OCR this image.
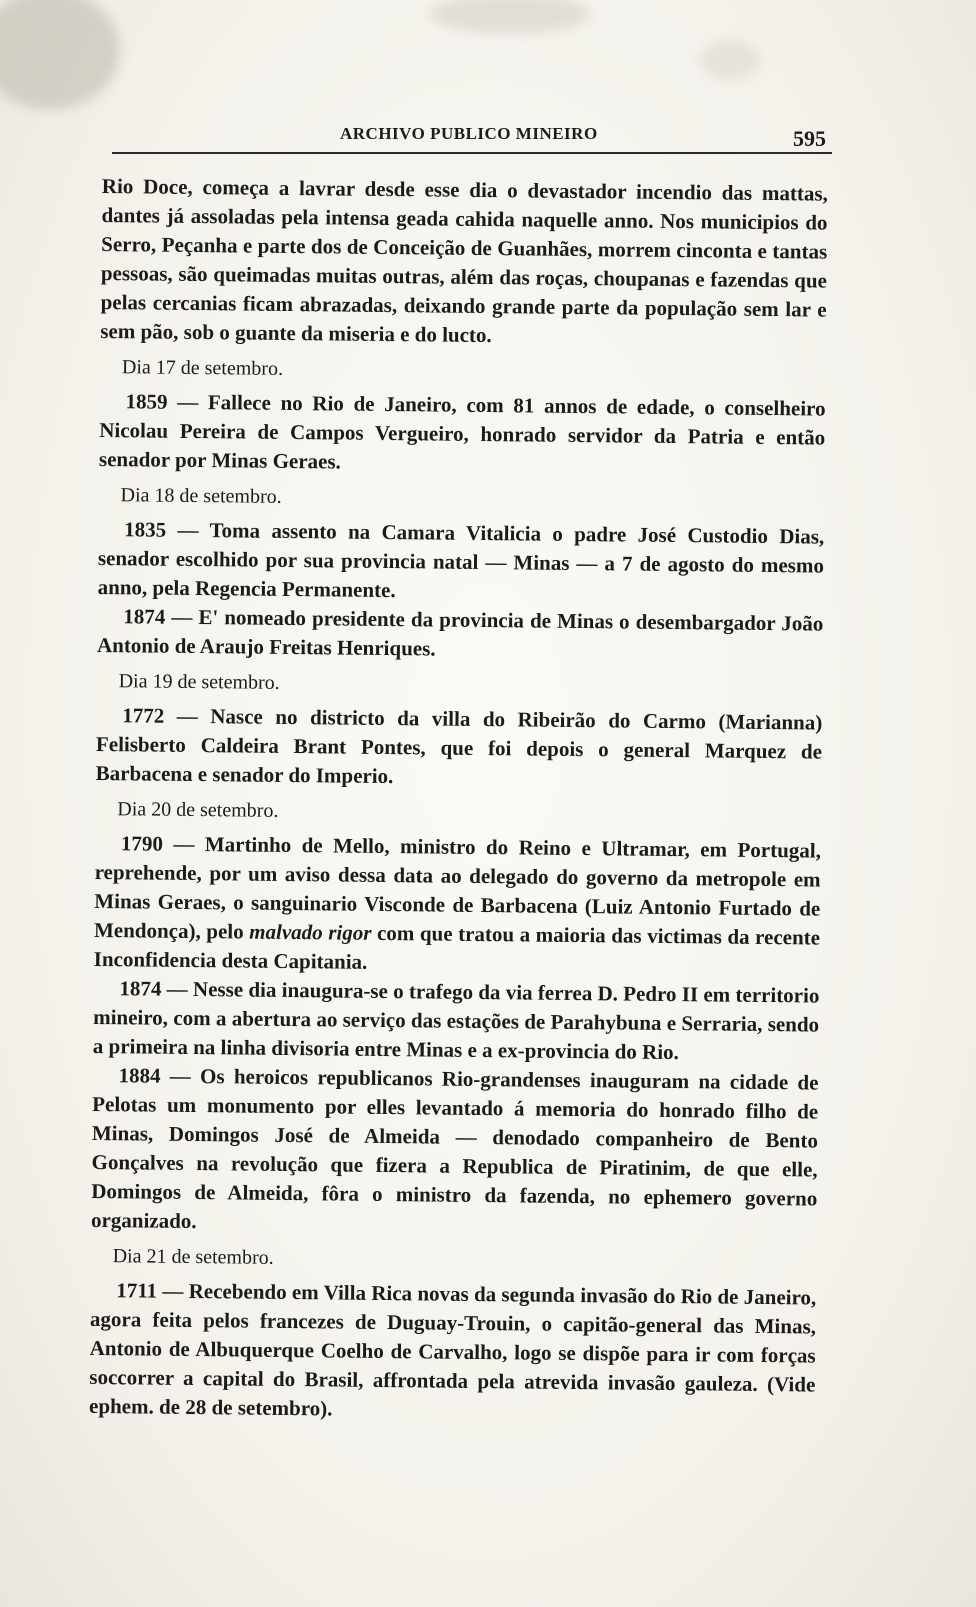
ARCHIVO PUBLICO MINEIRO	595

Rio Doce, começa a lavrar desde esse dia o devastador incendio das mattas, dantes já assoladas pela intensa geada cahida naquelle anno. Nos municipios do Serro, Peçanha e parte dos de Conceição de Guanhães, morrem cinconta e tantas pessoas, são queimadas muitas outras, além das roças, choupanas e fazendas que pelas cercanias ficam abrazadas, deixando grande parte da população sem lar e sem pão, sob o guante da miseria e do lucto.

Dia 17 de setembro.

1859 — Fallece no Rio de Janeiro, com 81 annos de edade, o conselheiro Nicolau Pereira de Campos Vergueiro, honrado servidor da Patria e então senador por Minas Geraes.

Dia 18 de setembro.

1835 — Toma assento na Camara Vitalicia o padre José Custodio Dias, senador escolhido por sua provincia natal — Minas — a 7 de agosto do mesmo anno, pela Regencia Permanente.

1874 — E' nomeado presidente da provincia de Minas o desembargador João Antonio de Araujo Freitas Henriques.

Dia 19 de setembro.

1772 — Nasce no districto da villa do Ribeirão do Carmo (Marianna) Felisberto Caldeira Brant Pontes, que foi depois o general Marquez de Barbacena e senador do Imperio.

Dia 20 de setembro.

1790 — Martinho de Mello, ministro do Reino e Ultramar, em Portugal, reprehende, por um aviso dessa data ao delegado do governo da metropole em Minas Geraes, o sanguinario Visconde de Barbacena (Luiz Antonio Furtado de Mendonça), pelo malvado rigor com que tratou a maioria das victimas da recente Inconfidencia desta Capitania.

1874 — Nesse dia inaugura-se o trafego da via ferrea D. Pedro II em territorio mineiro, com a abertura ao serviço das estações de Parahybuna e Serraria, sendo a primeira na linha divisoria entre Minas e a ex-provincia do Rio.

1884 — Os heroicos republicanos Rio-grandenses inauguram na cidade de Pelotas um monumento por elles levantado á memoria do honrado filho de Minas, Domingos José de Almeida — denodado companheiro de Bento Gonçalves na revolução que fizera a Republica de Piratinim, de que elle, Domingos de Almeida, fôra o ministro da fazenda, no ephemero governo organizado.

Dia 21 de setembro.

1711 — Recebendo em Villa Rica novas da segunda invasão do Rio de Janeiro, agora feita pelos francezes de Duguay-Trouin, o capitão-general das Minas, Antonio de Albuquerque Coelho de Carvalho, logo se dispõe para ir com forças soccorrer a capital do Brasil, affrontada pela atrevida invasão gauleza. (Vide ephem. de 28 de setembro).
